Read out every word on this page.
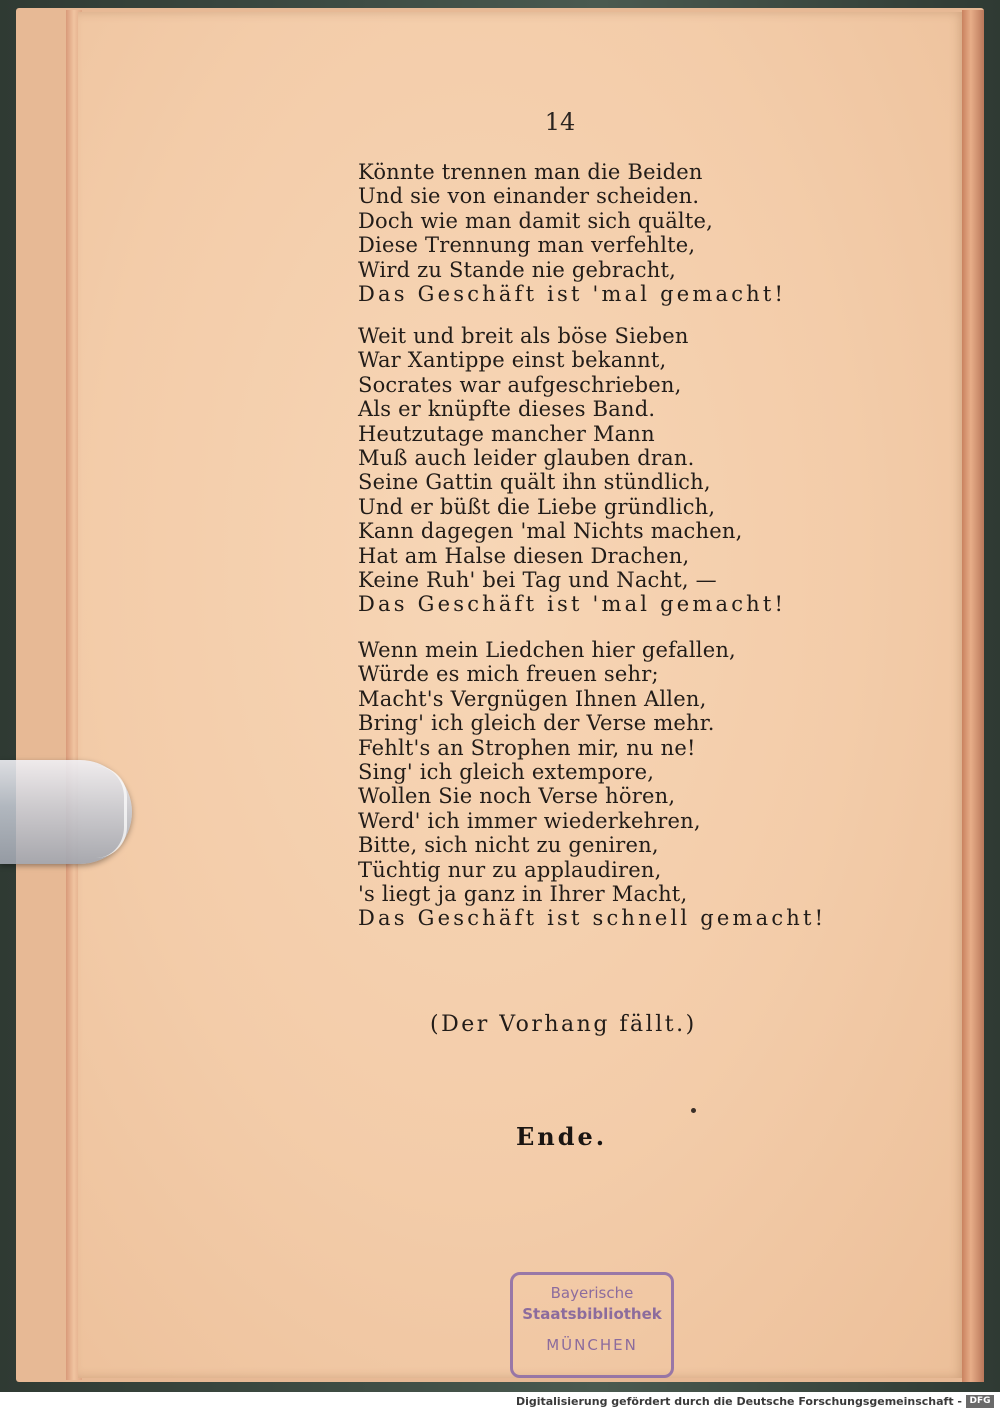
14
Könnte trennen man die Beiden
Und sie von einander scheiden.
Doch wie man damit sich quälte,
Diese Trennung man verfehlte,
Wird zu Stande nie gebracht,
Das Geschäft ist 'mal gemacht!
Weit und breit als böse Sieben
War Xantippe einst bekannt,
Socrates war aufgeschrieben,
Als er knüpfte dieses Band.
Heutzutage mancher Mann
Muß auch leider glauben dran.
Seine Gattin quält ihn stündlich,
Und er büßt die Liebe gründlich,
Kann dagegen 'mal Nichts machen,
Hat am Halse diesen Drachen,
Keine Ruh' bei Tag und Nacht, —
Das Geschäft ist 'mal gemacht!
Wenn mein Liedchen hier gefallen,
Würde es mich freuen sehr;
Macht's Vergnügen Ihnen Allen,
Bring' ich gleich der Verse mehr.
Fehlt's an Strophen mir, nu ne!
Sing' ich gleich extempore,
Wollen Sie noch Verse hören,
Werd' ich immer wiederkehren,
Bitte, sich nicht zu geniren,
Tüchtig nur zu applaudiren,
's liegt ja ganz in Ihrer Macht,
Das Geschäft ist schnell gemacht!
(Der Vorhang fällt.)
Ende.
Bayerische
Staatsbibliothek
MÜNCHEN
Digitalisierung gefördert durch die Deutsche Forschungsgemeinschaft - DFG
